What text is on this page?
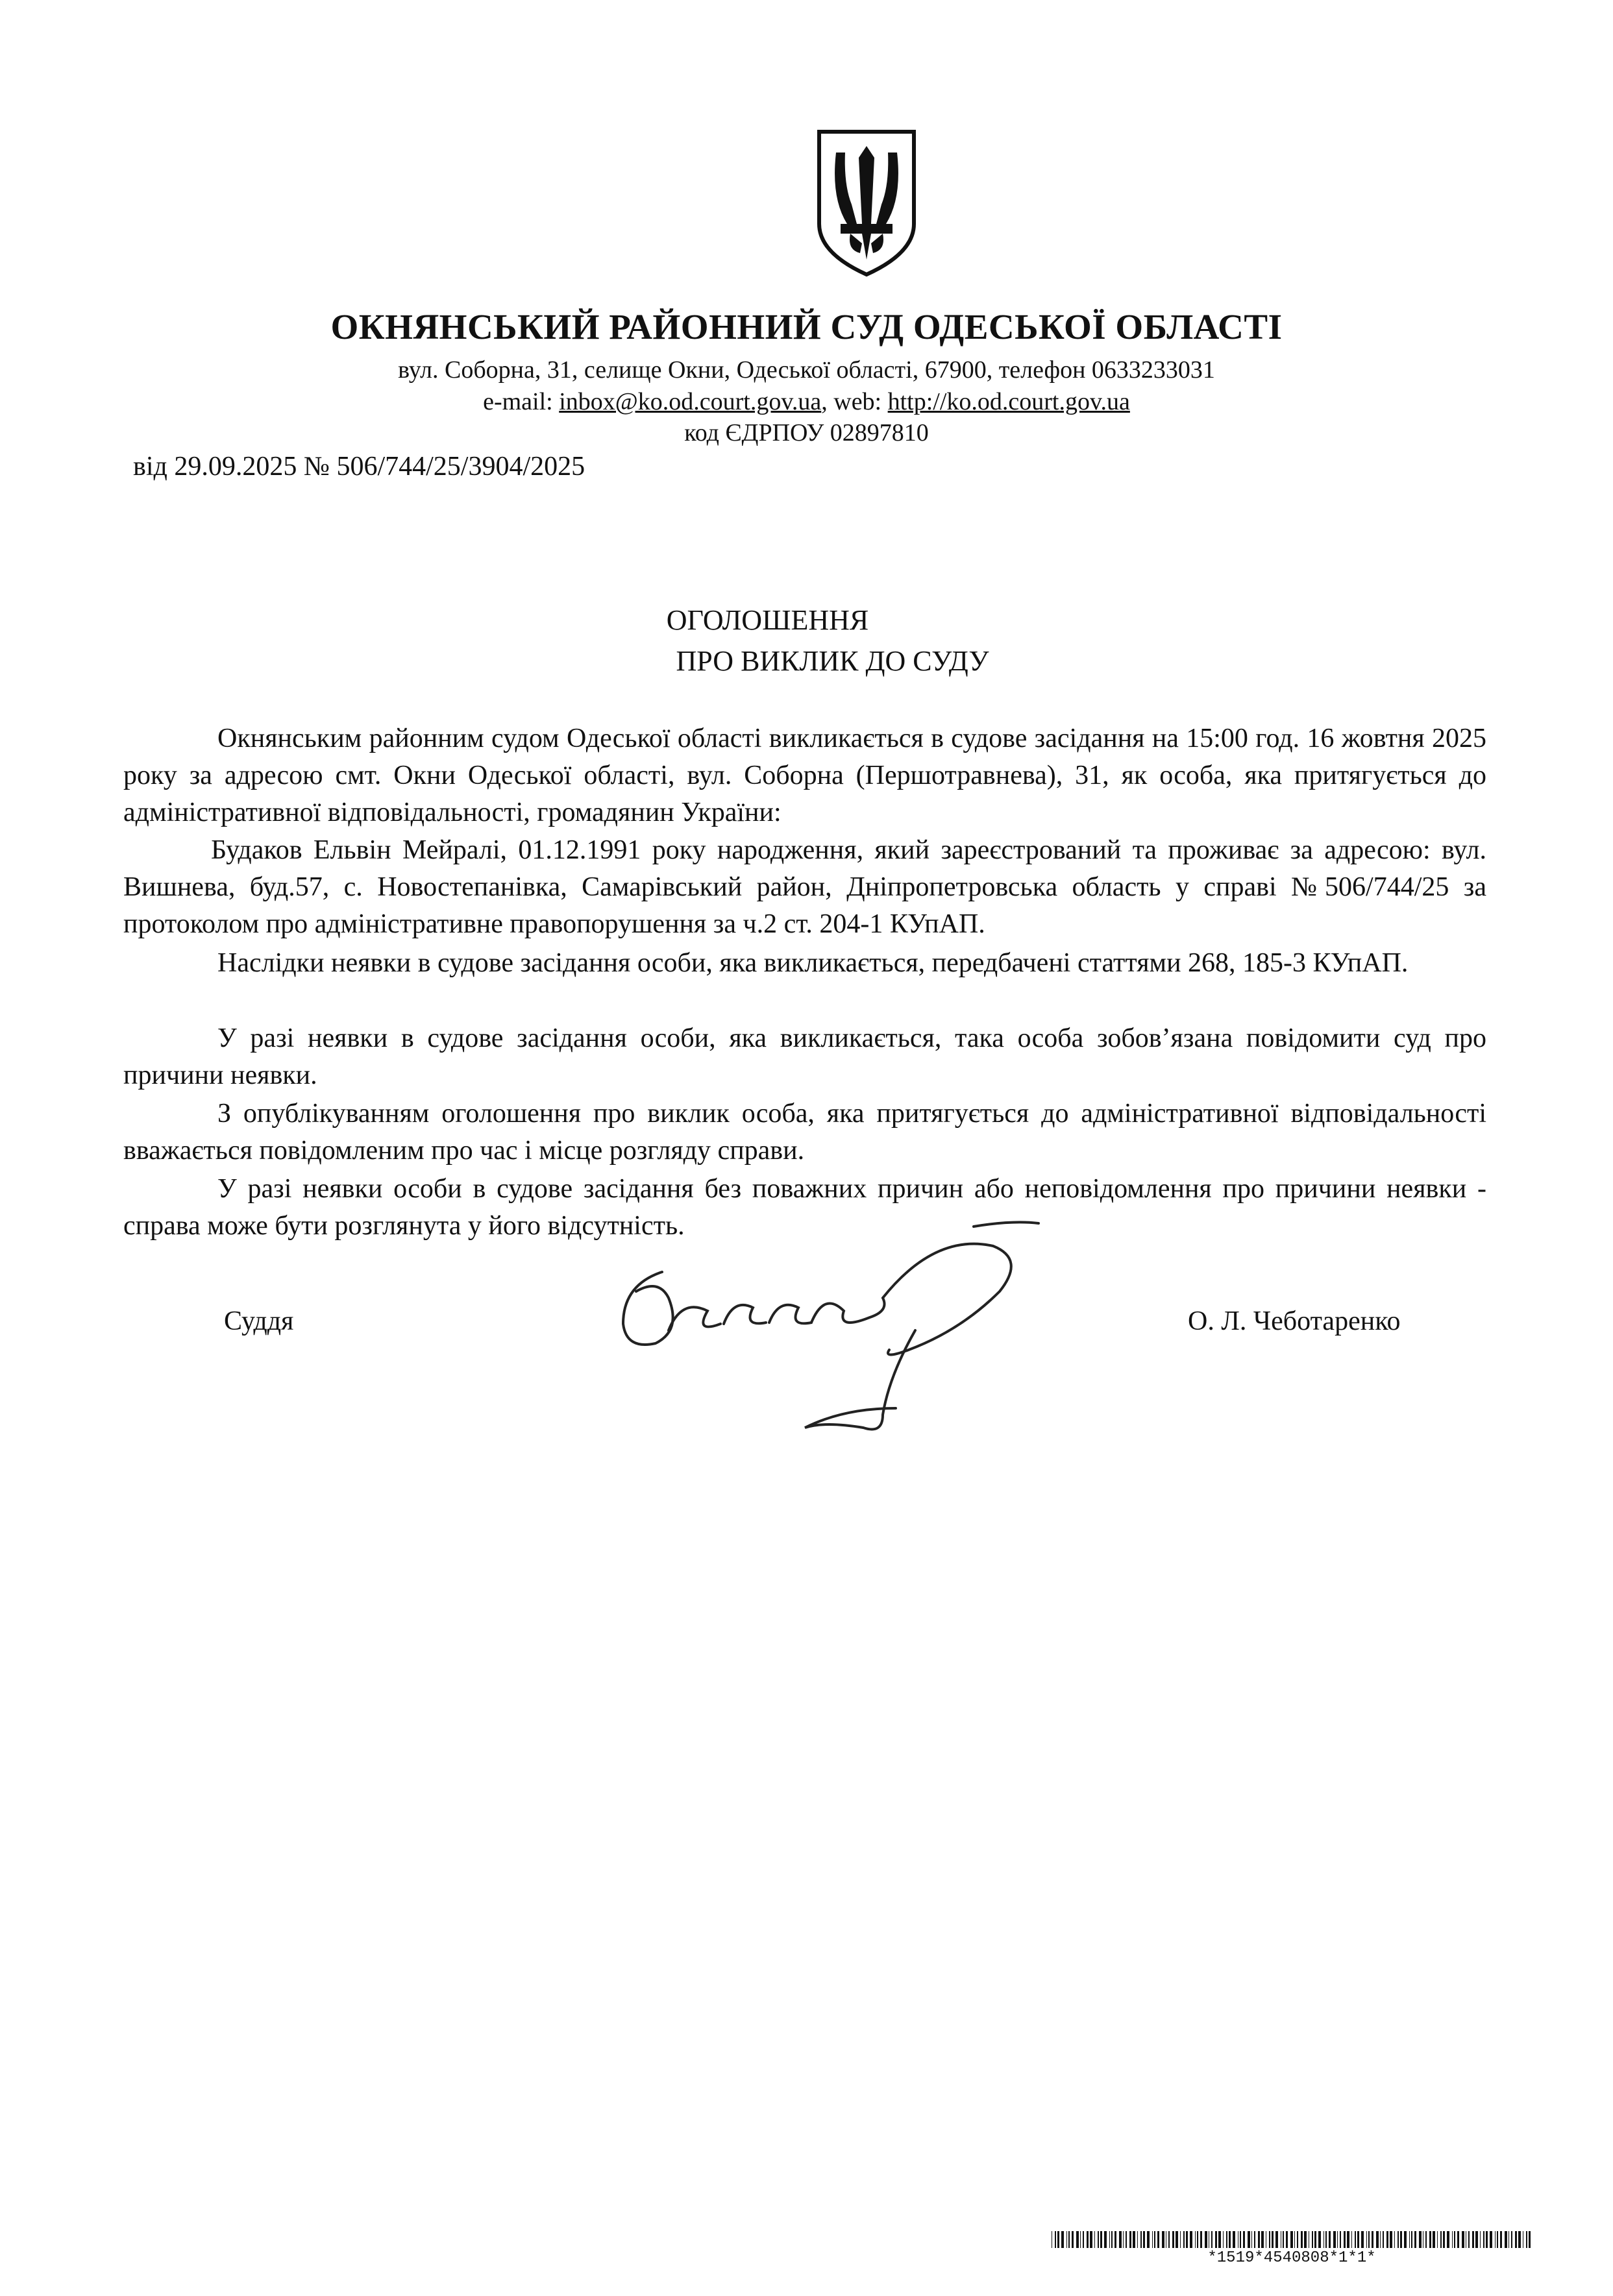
ОКНЯНСЬКИЙ РАЙОННИЙ СУД ОДЕСЬКОЇ ОБЛАСТІ
вул. Соборна, 31, селище Окни, Одеської області, 67900, телефон 0633233031
e-mail: inbox@ko.od.court.gov.ua, web: http://ko.od.court.gov.ua
код ЄДРПОУ 02897810
від 29.09.2025 № 506/744/25/3904/2025
ОГОЛОШЕННЯ
ПРО ВИКЛИК ДО СУДУ

Окнянським районним судом Одеської області викликається в судове засідання на 15:00 год. 16 жовтня 2025 року за адресою смт. Окни Одеської області, вул. Соборна (Першотравнева), 31, як особа, яка притягується до адміністративної відповідальності, громадянин України:

Будаков Ельвін Мейралі, 01.12.1991 року народження, який зареєстрований та проживає за адресою: вул. Вишнева, буд.57, с. Новостепанівка, Самарівський район, Дніпропетровська область у справі №506/744/25 за протоколом про адміністративне правопорушення за ч.2 ст. 204-1 КУпАП.

Наслідки неявки в судове засідання особи, яка викликається, передбачені статтями 268, 185-3 КУпАП.

У разі неявки в судове засідання особи, яка викликається, така особа зобов’язана повідомити суд про причини неявки.

З опублікуванням оголошення про виклик особа, яка притягується до адміністративної відповідальності вважається повідомленим про час і місце розгляду справи.

У разі неявки особи в судове засідання без поважних причин або неповідомлення про причини неявки - справа може бути розглянута у його відсутність.

Суддя	О. Л. Чеботаренко
*1519*4540808*1*1*
